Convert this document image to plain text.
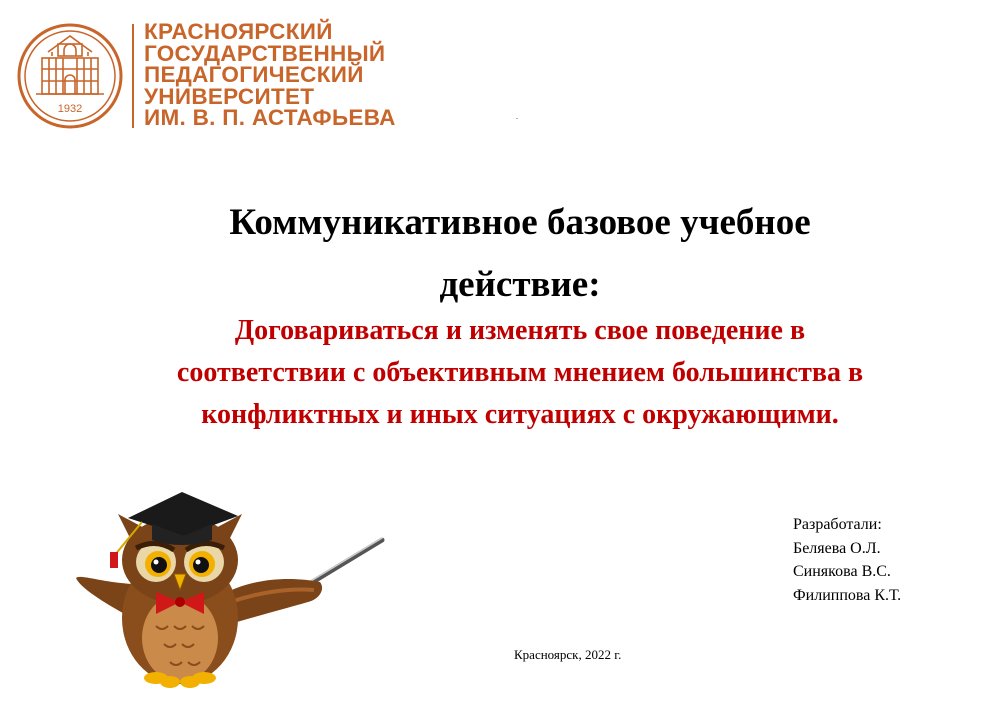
1932
КРАСНОЯРСКИЙ
ГОСУДАРСТВЕННЫЙ
ПЕДАГОГИЧЕСКИЙ
УНИВЕРСИТЕТ
ИМ. В. П. АСТАФЬЕВА	.
Коммуникативное базовое учебное
действие:
Договариваться и изменять свое поведение в
соответствии с объективным мнением большинства в
конфликтных и иных ситуациях с окружающими.
Разработали:
Беляева О.Л.
Синякова В.С.
Филиппова К.Т.
Красноярск, 2022 г.
